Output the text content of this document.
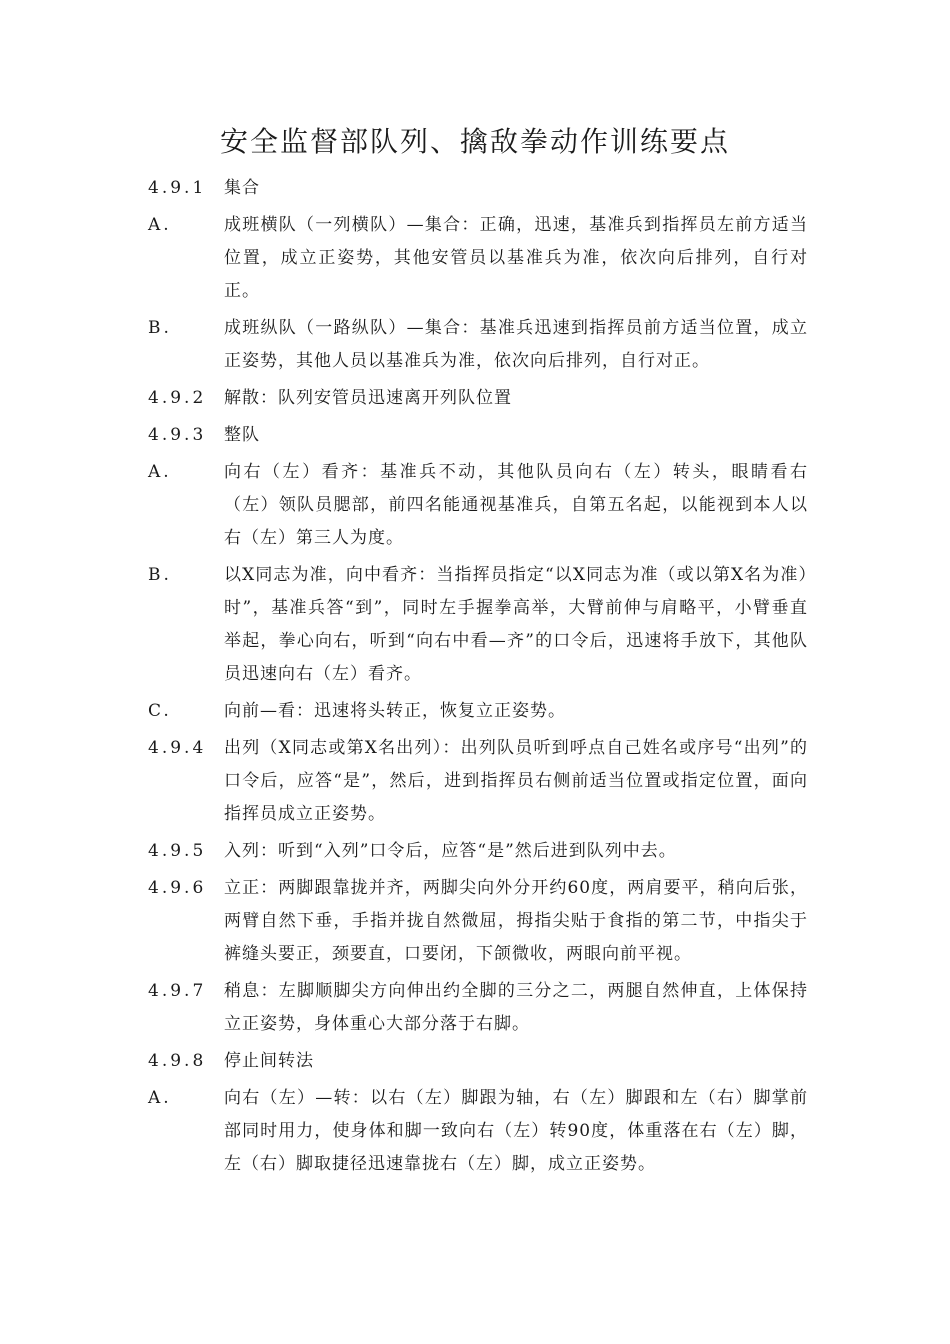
安全监督部队列、擒敌拳动作训练要点
4.9.1	集合
A.	成班横队（一列横队）—集合：正确，迅速，基准兵到指挥员左前方适当位置，成立正姿势，其他安管员以基准兵为准，依次向后排列，自行对正。
B.	成班纵队（一路纵队）—集合：基准兵迅速到指挥员前方适当位置，成立正姿势，其他人员以基准兵为准，依次向后排列，自行对正。
4.9.2	解散：队列安管员迅速离开列队位置
4.9.3	整队
A.	向右（左）看齐：基准兵不动，其他队员向右（左）转头，眼睛看右（左）领队员腮部，前四名能通视基准兵，自第五名起，以能视到本人以右（左）第三人为度。
B.	以X同志为准，向中看齐：当指挥员指定“以X同志为准（或以第X名为准）时”，基准兵答“到”，同时左手握拳高举，大臂前伸与肩略平，小臂垂直举起，拳心向右，听到“向右中看—齐”的口令后，迅速将手放下，其他队员迅速向右（左）看齐。
C.	向前—看：迅速将头转正，恢复立正姿势。
4.9.4	出列（X同志或第X名出列）：出列队员听到呼点自己姓名或序号“出列”的口令后，应答“是”，然后，进到指挥员右侧前适当位置或指定位置，面向指挥员成立正姿势。
4.9.5	入列：听到“入列”口令后，应答“是”然后进到队列中去。
4.9.6	立正：两脚跟靠拢并齐，两脚尖向外分开约60度，两肩要平，稍向后张，两臂自然下垂，手指并拢自然微屈，拇指尖贴于食指的第二节，中指尖于裤缝头要正，颈要直，口要闭，下颌微收，两眼向前平视。
4.9.7	稍息：左脚顺脚尖方向伸出约全脚的三分之二，两腿自然伸直，上体保持立正姿势，身体重心大部分落于右脚。
4.9.8	停止间转法
A.	向右（左）—转：以右（左）脚跟为轴，右（左）脚跟和左（右）脚掌前部同时用力，使身体和脚一致向右（左）转90度，体重落在右（左）脚，左（右）脚取捷径迅速靠拢右（左）脚，成立正姿势。
